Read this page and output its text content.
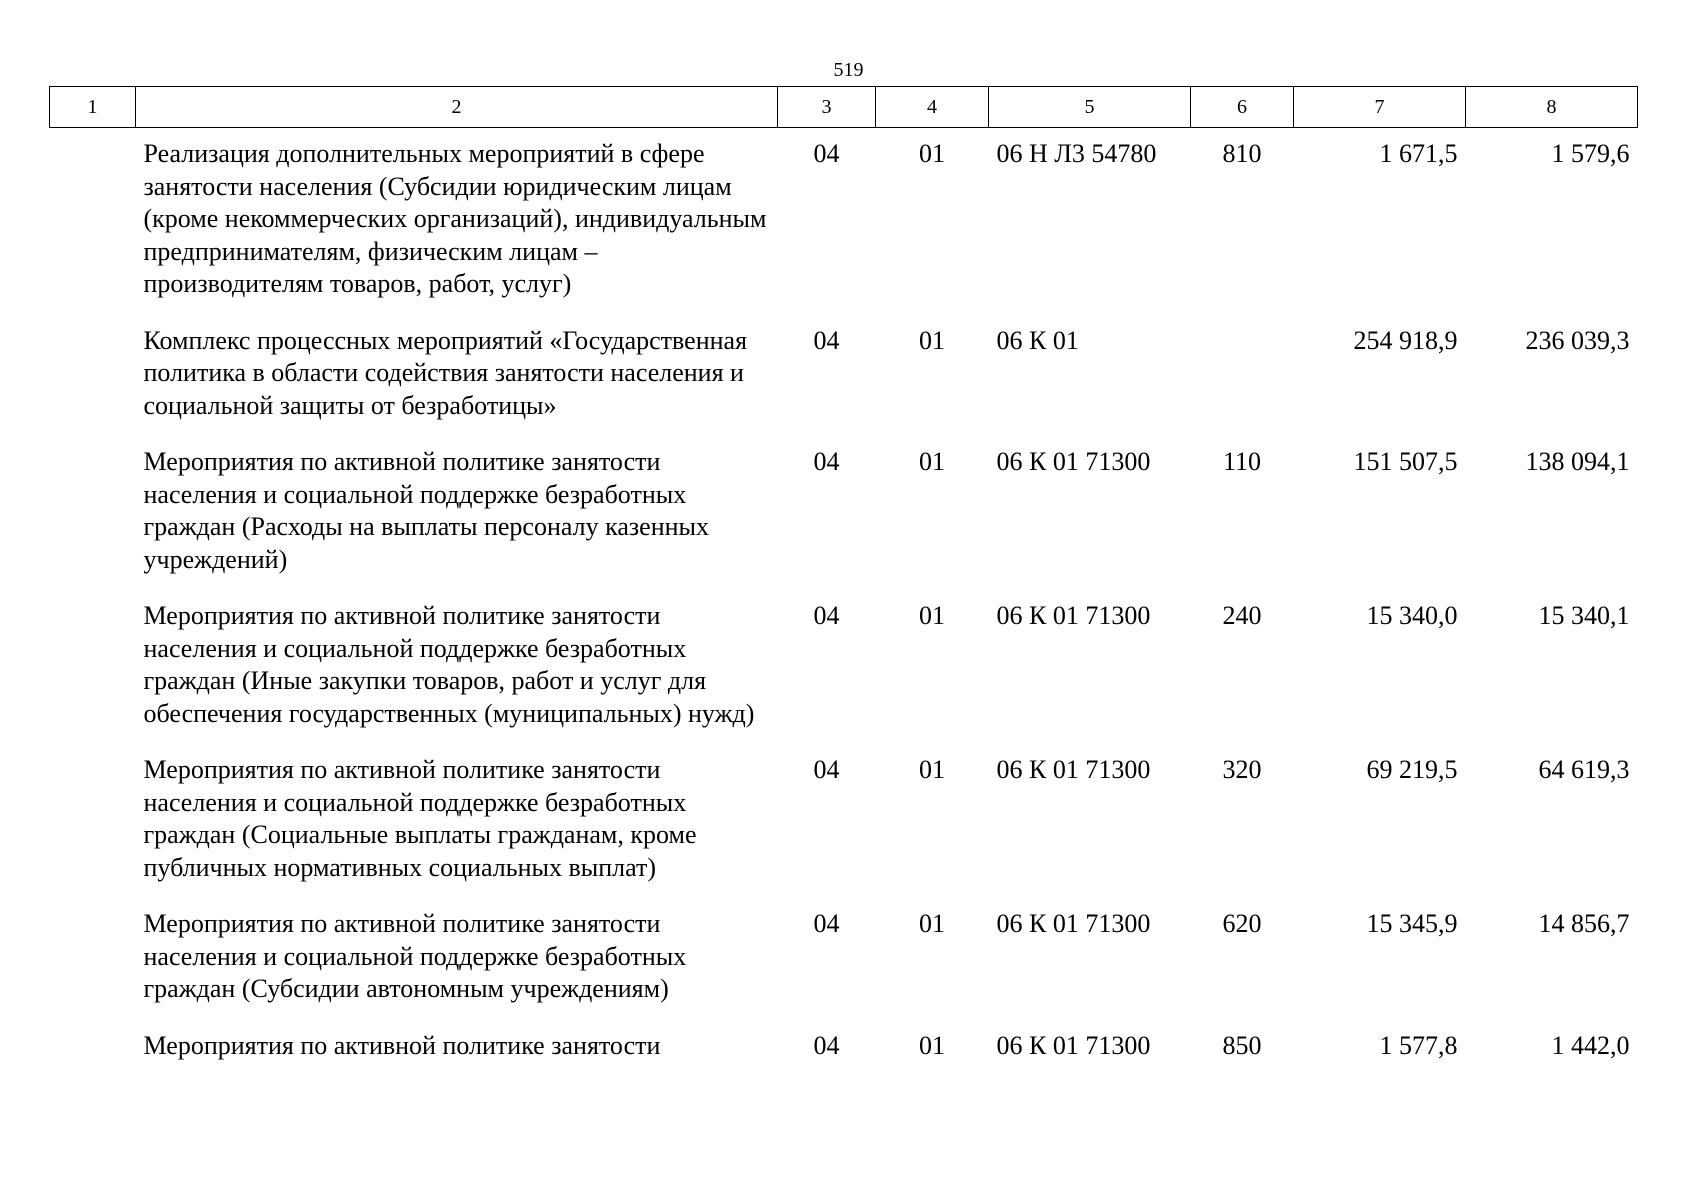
519
1	2	3	4	5	6	7	8
	Реализация дополнительных мероприятий в сфере занятости населения (Субсидии юридическим лицам (кроме некоммерческих организаций), индивидуальным предпринимателям, физическим лицам – производителям товаров, работ, услуг)	04	01	06 Н Л3 54780	810	1 671,5	1 579,6
	Комплекс процессных мероприятий «Государственная политика в области содействия занятости населения и социальной защиты от безработицы»	04	01	06 К 01		254 918,9	236 039,3
	Мероприятия по активной политике занятости населения и социальной поддержке безработных граждан (Расходы на выплаты персоналу казенных учреждений)	04	01	06 К 01 71300	110	151 507,5	138 094,1
	Мероприятия по активной политике занятости населения и социальной поддержке безработных граждан (Иные закупки товаров, работ и услуг для обеспечения государственных (муниципальных) нужд)	04	01	06 К 01 71300	240	15 340,0	15 340,1
	Мероприятия по активной политике занятости населения и социальной поддержке безработных граждан (Социальные выплаты гражданам, кроме публичных нормативных социальных выплат)	04	01	06 К 01 71300	320	69 219,5	64 619,3
	Мероприятия по активной политике занятости населения и социальной поддержке безработных граждан (Субсидии автономным учреждениям)	04	01	06 К 01 71300	620	15 345,9	14 856,7
	Мероприятия по активной политике занятости	04	01	06 К 01 71300	850	1 577,8	1 442,0
